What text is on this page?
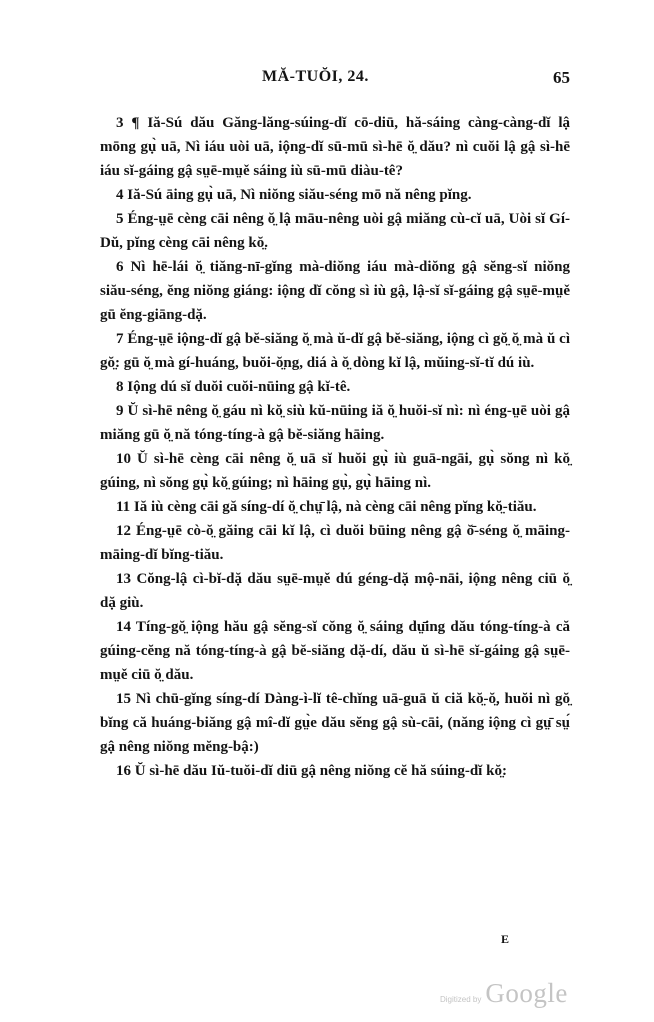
MĂ-TUŎI, 24.	65

3 ¶ Iă-Sú dău Găng-lăng-súing-dĭ cō-diū, hă-sáing càng-càng-dĭ lậ mōng gụ̀ uā, Nì iáu uòi uā, iộng-dĭ sū-mū sì-hē ŏ̤ dău? nì cuŏi lậ gậ sì-hē iáu sĭ-gáing gậ sṳē-mṳě sáing iù sū-mū diàu-tê?

4 Iă-Sú āing gụ̀ uā, Nì niŏng siău-séng mō nă nêng pĭng.

5 Éng-ṳē cèng cāi nêng ŏ̤ lậ māu-nêng uòi gậ miăng cù-cĭ uā, Uòi sĭ Gí-Dŭ, pĭng cèng cāi nêng kŏ̤.

6 Nì hē-lái ŏ̤ tiăng-nī-gĭng mà-diŏng iáu mà-diŏng gậ sĕng-sĭ niŏng siău-séng, ĕng niŏng giáng: iộng dĭ cŏng sì iù gậ, lậ-sĭ sĭ-gáing gậ sṳē-mṳě gū ĕng-giāng-dặ.

7 Éng-ṳē iộng-dĭ gậ bĕ-siăng ŏ̤ mà ŭ-dĭ gậ bĕ-siăng, iộng cì gŏ̤ ŏ̤ mà ŭ cì gŏ̤: gū ŏ̤ mà gí-huáng, buŏi-ŏ̤ng, diá à ŏ̤ dòng kĭ lậ, mŭing-sĭ-tĭ dú iù.

8 Iộng dú sĭ duŏi cuŏi-nūing gậ kĭ-tê.

9 Ŭ sì-hē nêng ŏ̤ gáu nì kŏ̤ siù kŭ-nūing iă ŏ̤ huŏi-sĭ nì: nì éng-ṳē uòi gậ miăng gū ŏ̤ nă tóng-tíng-à gậ bĕ-siăng hāing.

10 Ŭ sì-hē cèng cāi nêng ŏ̤ uā sĭ huŏi gụ̀ iù guā-ngāi, gụ̀ sŏng nì kŏ̤ gúing, nì sŏng gụ̀ kŏ̤ gúing; nì hāing gụ̀, gụ̀ hāing nì.

11 Iă iù cèng cāi gă síng-dí ŏ̤ chṳ̄ lậ, nà cèng cāi nêng pĭng kŏ̤-tiău.

12 Éng-ṳē cò-ŏ̤ găing cāi kĭ lậ, cì duŏi būing nêng gậ ŏ̄-séng ŏ̤ māing-māing-dĭ bĭng-tiău.

13 Cŏng-lậ cì-bĭ-dặ dău sṳē-mṳě dú géng-dặ mộ-nāi, iộng nêng ciū ŏ̤ dặ giù.

14 Tíng-gŏ̤ iộng hău gậ sĕng-sĭ cŏng ŏ̤ sáing dṳ̄ing dău tóng-tíng-à că gúing-cĕng nă tóng-tíng-à gậ bĕ-siăng dặ-dí, dău ŭ sì-hē sĭ-gáing gậ sṳē-mṳě ciū ŏ̤ dău.

15 Nì chū-gĭng síng-dí Dàng-ì-lĭ tê-chĭng uā-guā ŭ ciă kŏ̤-ŏ̤, huŏi nì gŏ̤ bĭng că huáng-biăng gậ mî-dĭ gṳ̀e dău sĕng gậ sù-cāi, (năng iộng cì gṳ̄ sṳ́ gậ nêng niŏng mĕng-bậ:)

16 Ŭ sì-hē dău Iŭ-tuŏi-dĭ diū gậ nêng niŏng cĕ hă súing-dĭ kŏ̤:

E
Digitized by Google
